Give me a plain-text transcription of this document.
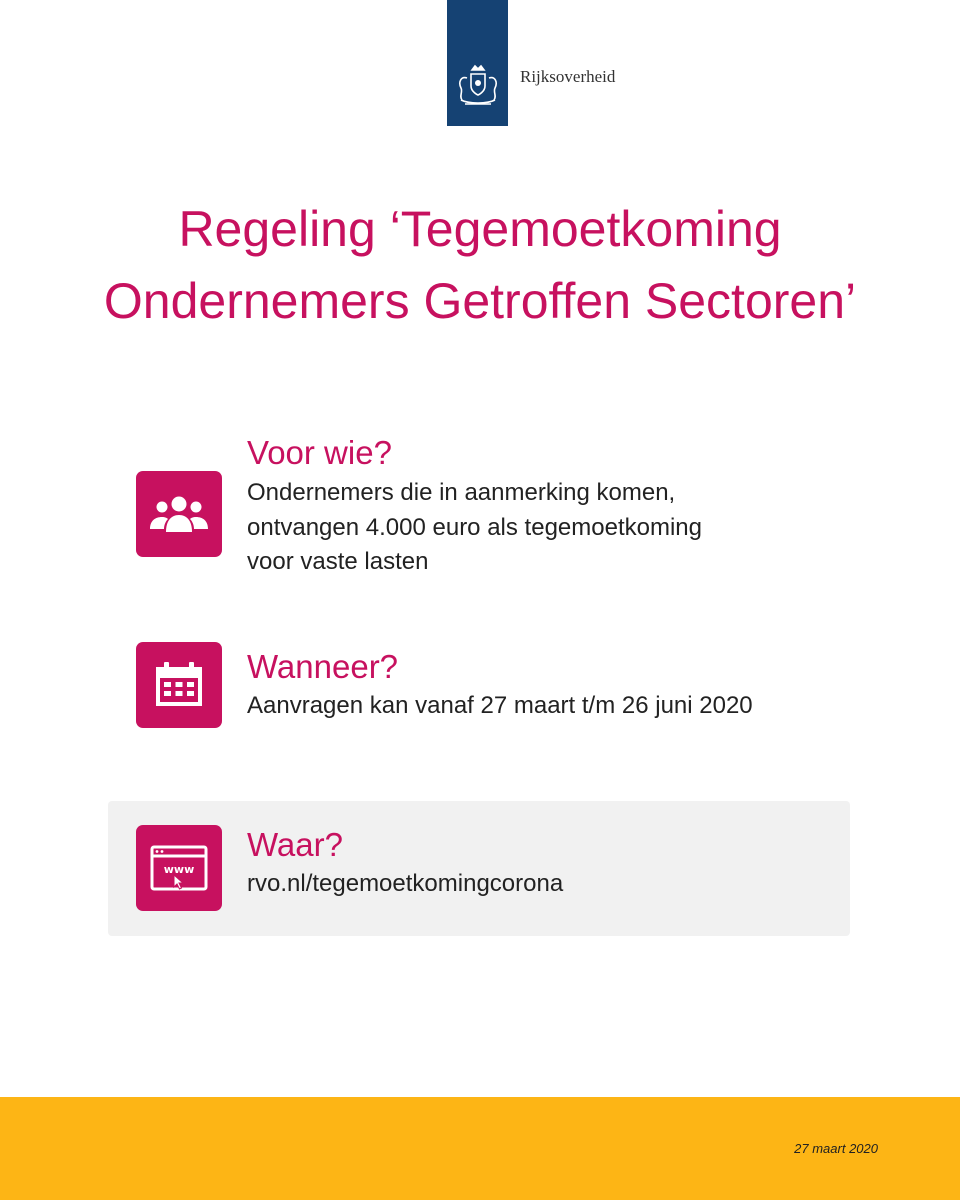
Rijksoverheid
Regeling ‘Tegemoetkoming
Ondernemers Getroffen Sectoren’
Voor wie?
Ondernemers die in aanmerking komen,
ontvangen 4.000 euro als tegemoetkoming
voor vaste lasten
Wanneer?
Aanvragen kan vanaf 27 maart t/m 26 juni 2020
www
Waar?
rvo.nl/tegemoetkomingcorona
27 maart 2020
